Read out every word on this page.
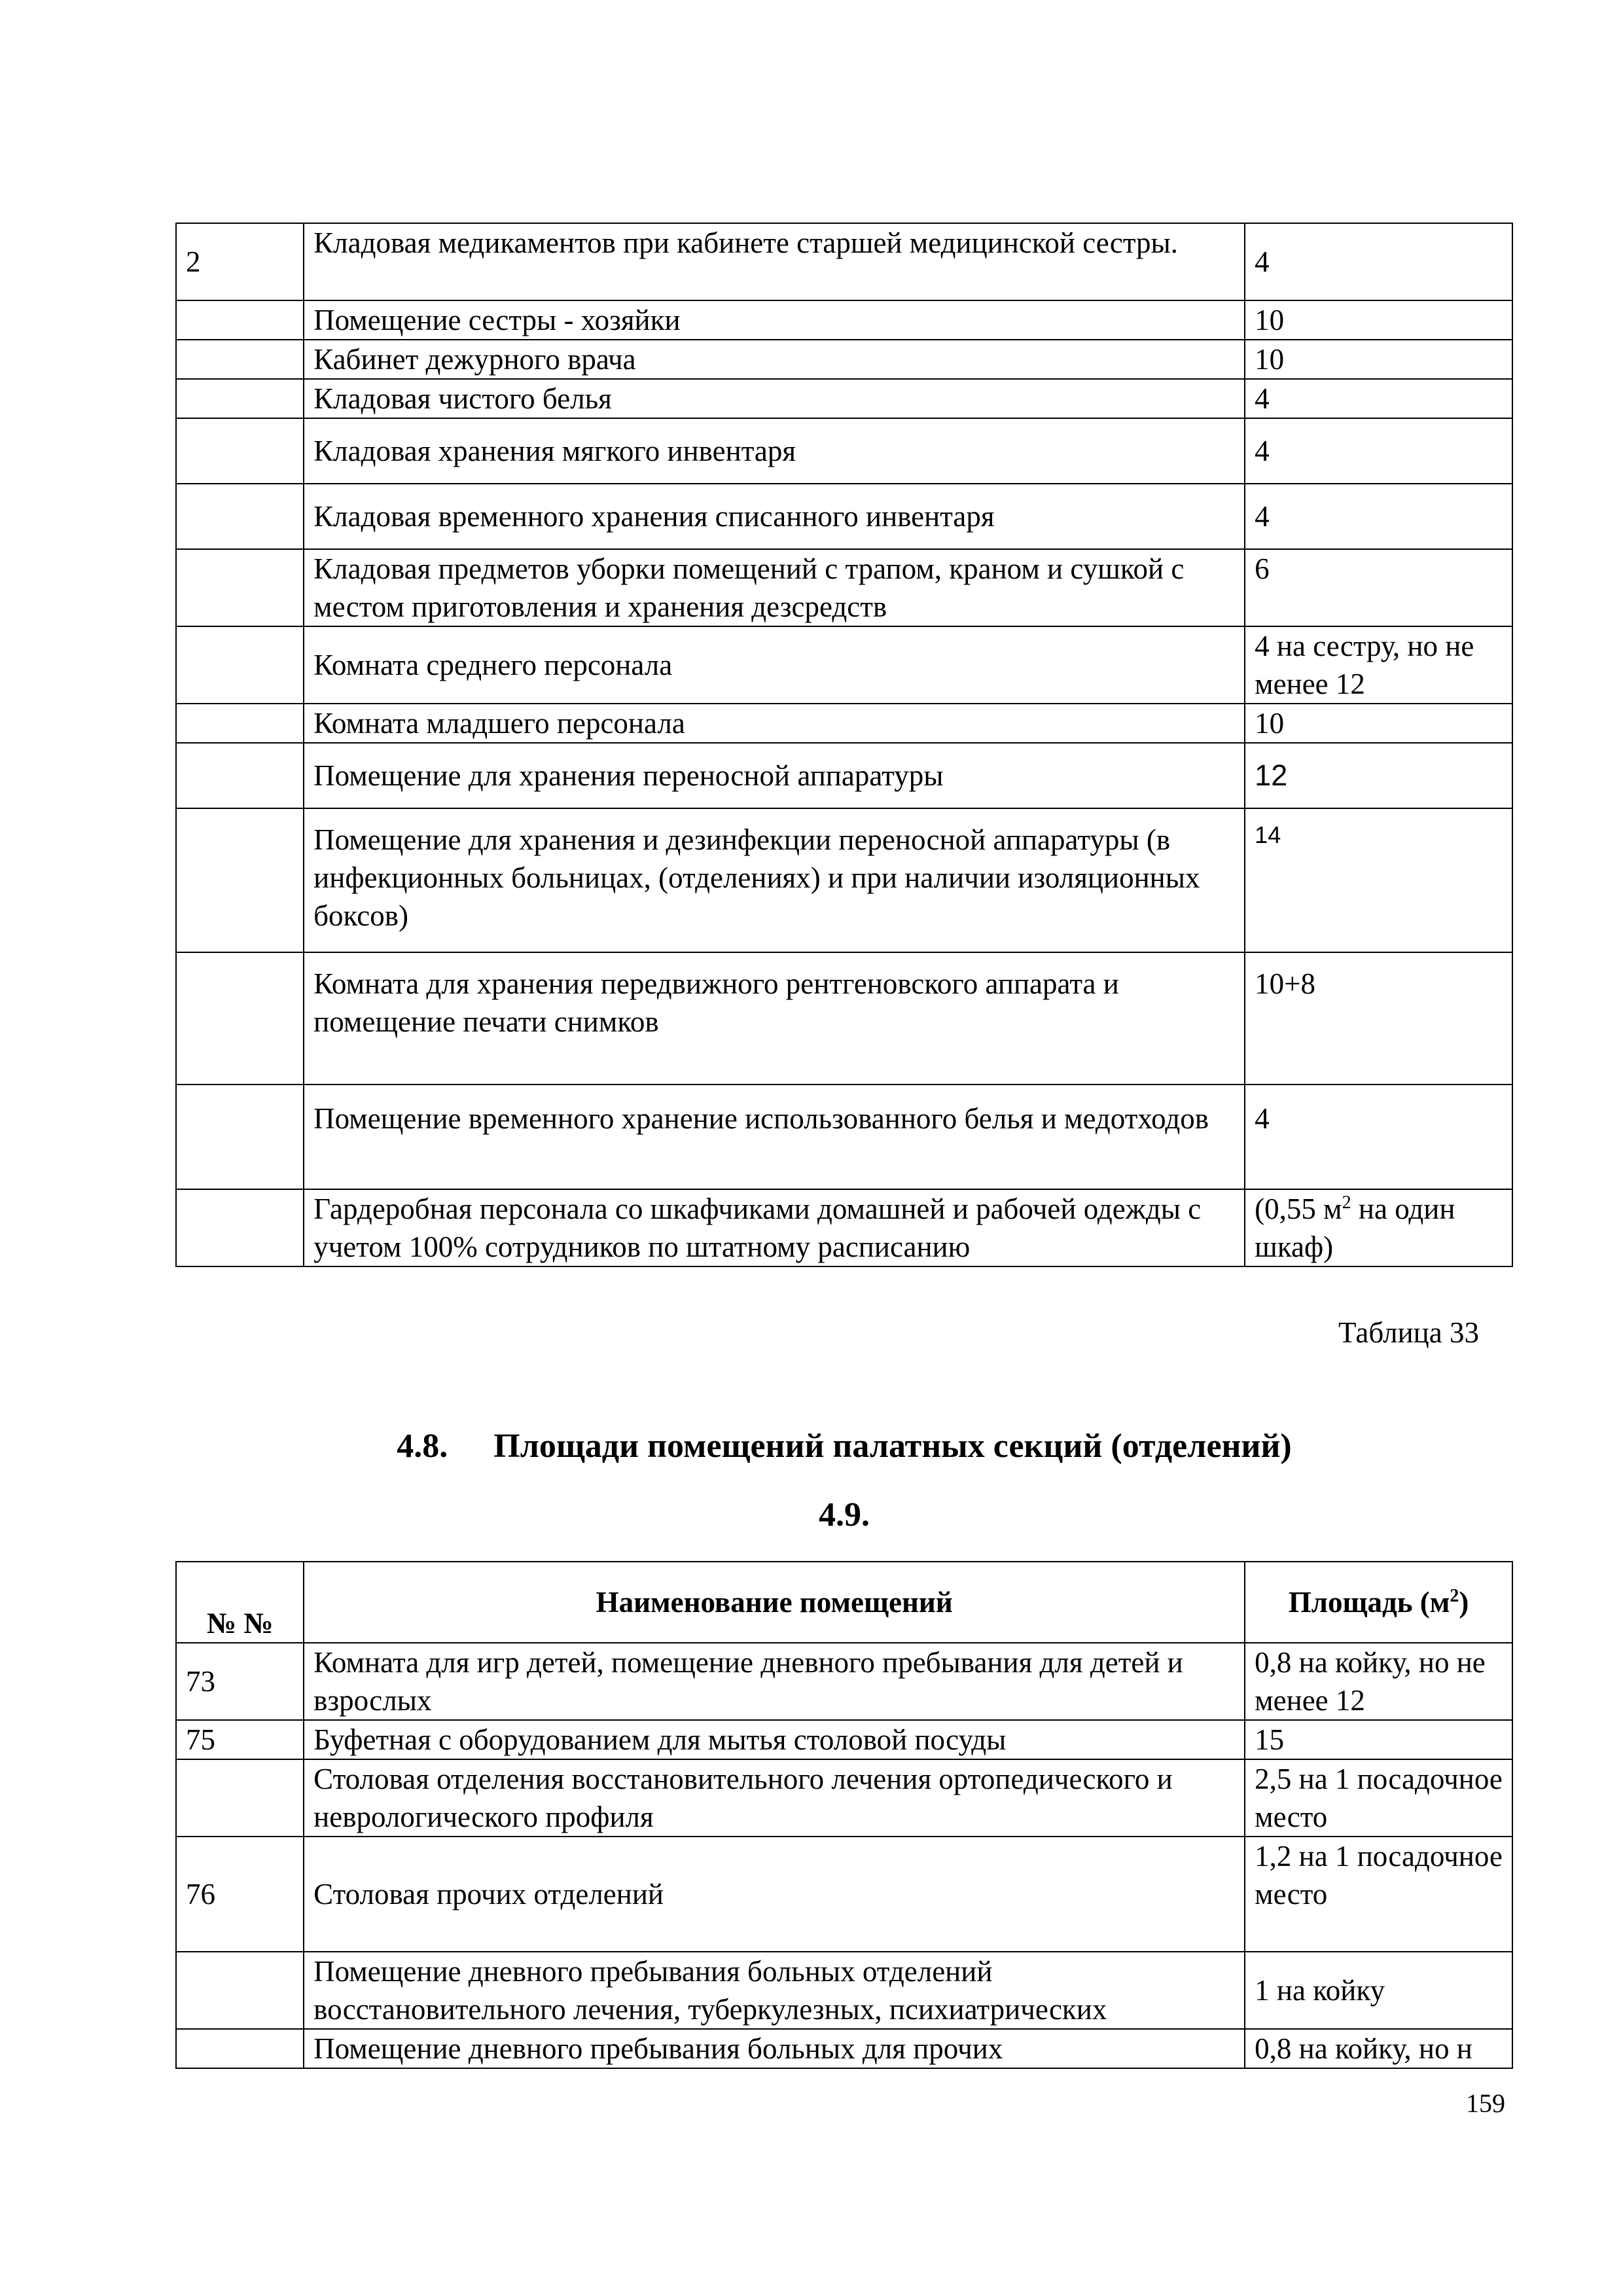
2	Кладовая медикаментов при кабинете старшей медицинской сестры.	4
	Помещение сестры - хозяйки	10
	Кабинет дежурного врача	10
	Кладовая чистого белья	4
	Кладовая хранения мягкого инвентаря	4
	Кладовая временного хранения списанного инвентаря	4
	Кладовая предметов уборки помещений с трапом, краном и сушкой с местом приготовления и хранения дезсредств	6
	Комната среднего персонала	4 на сестру, но не менее 12
	Комната младшего персонала	10
	Помещение для хранения переносной аппаратуры	12
	Помещение для хранения и дезинфекции переносной аппаратуры (в инфекционных больницах, (отделениях) и при наличии изоляционных боксов)	14
	Комната для хранения передвижного рентгеновского аппарата и помещение печати снимков	10+8
	Помещение временного хранение использованного белья и медотходов	4
	Гардеробная персонала со шкафчиками домашней и рабочей одежды с учетом 100% сотрудников по штатному расписанию	(0,55 $м^2$ на один шкаф)
Таблица 33
4.8. Площади помещений палатных секций (отделений)
4.9.
№ №	Наименование помещений	Площадь $(м^2)$
73	Комната для игр детей, помещение дневного пребывания для детей и взрослых	0,8 на койку, но не менее 12
75	Буфетная с оборудованием для мытья столовой посуды	15
	Столовая отделения восстановительного лечения ортопедического и неврологического профиля	2,5 на 1 посадочное место
76	Столовая прочих отделений	1,2 на 1 посадочное место
	Помещение дневного пребывания больных отделений восстановительного лечения, туберкулезных, психиатрических	1 на койку
	Помещение дневного пребывания больных для прочих	0,8 на койку, но н
159
